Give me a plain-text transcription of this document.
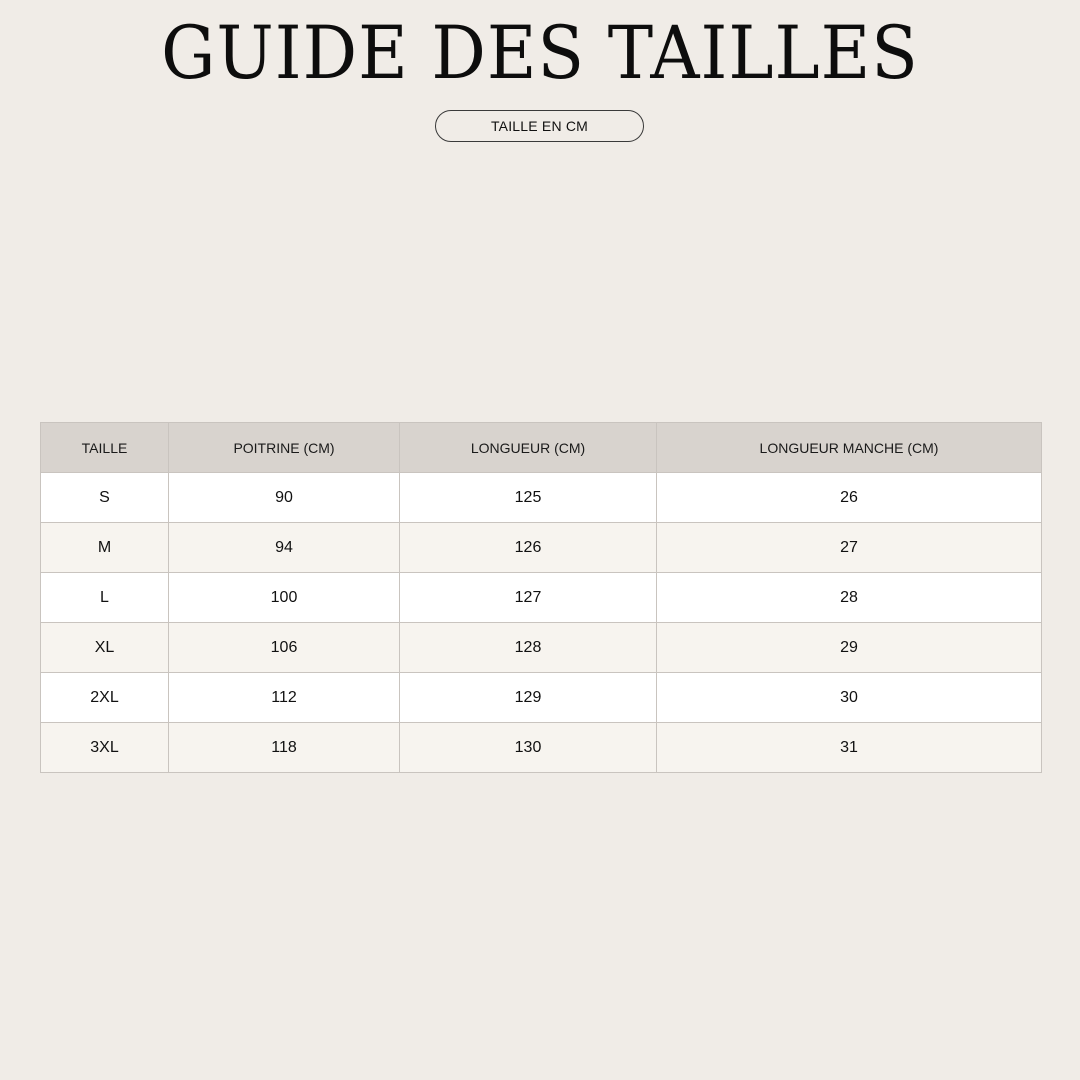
GUIDE DES TAILLES
TAILLE EN CM
TAILLE	POITRINE (CM)	LONGUEUR (CM)	LONGUEUR MANCHE (CM)
S	90	125	26
M	94	126	27
L	100	127	28
XL	106	128	29
2XL	112	129	30
3XL	118	130	31
